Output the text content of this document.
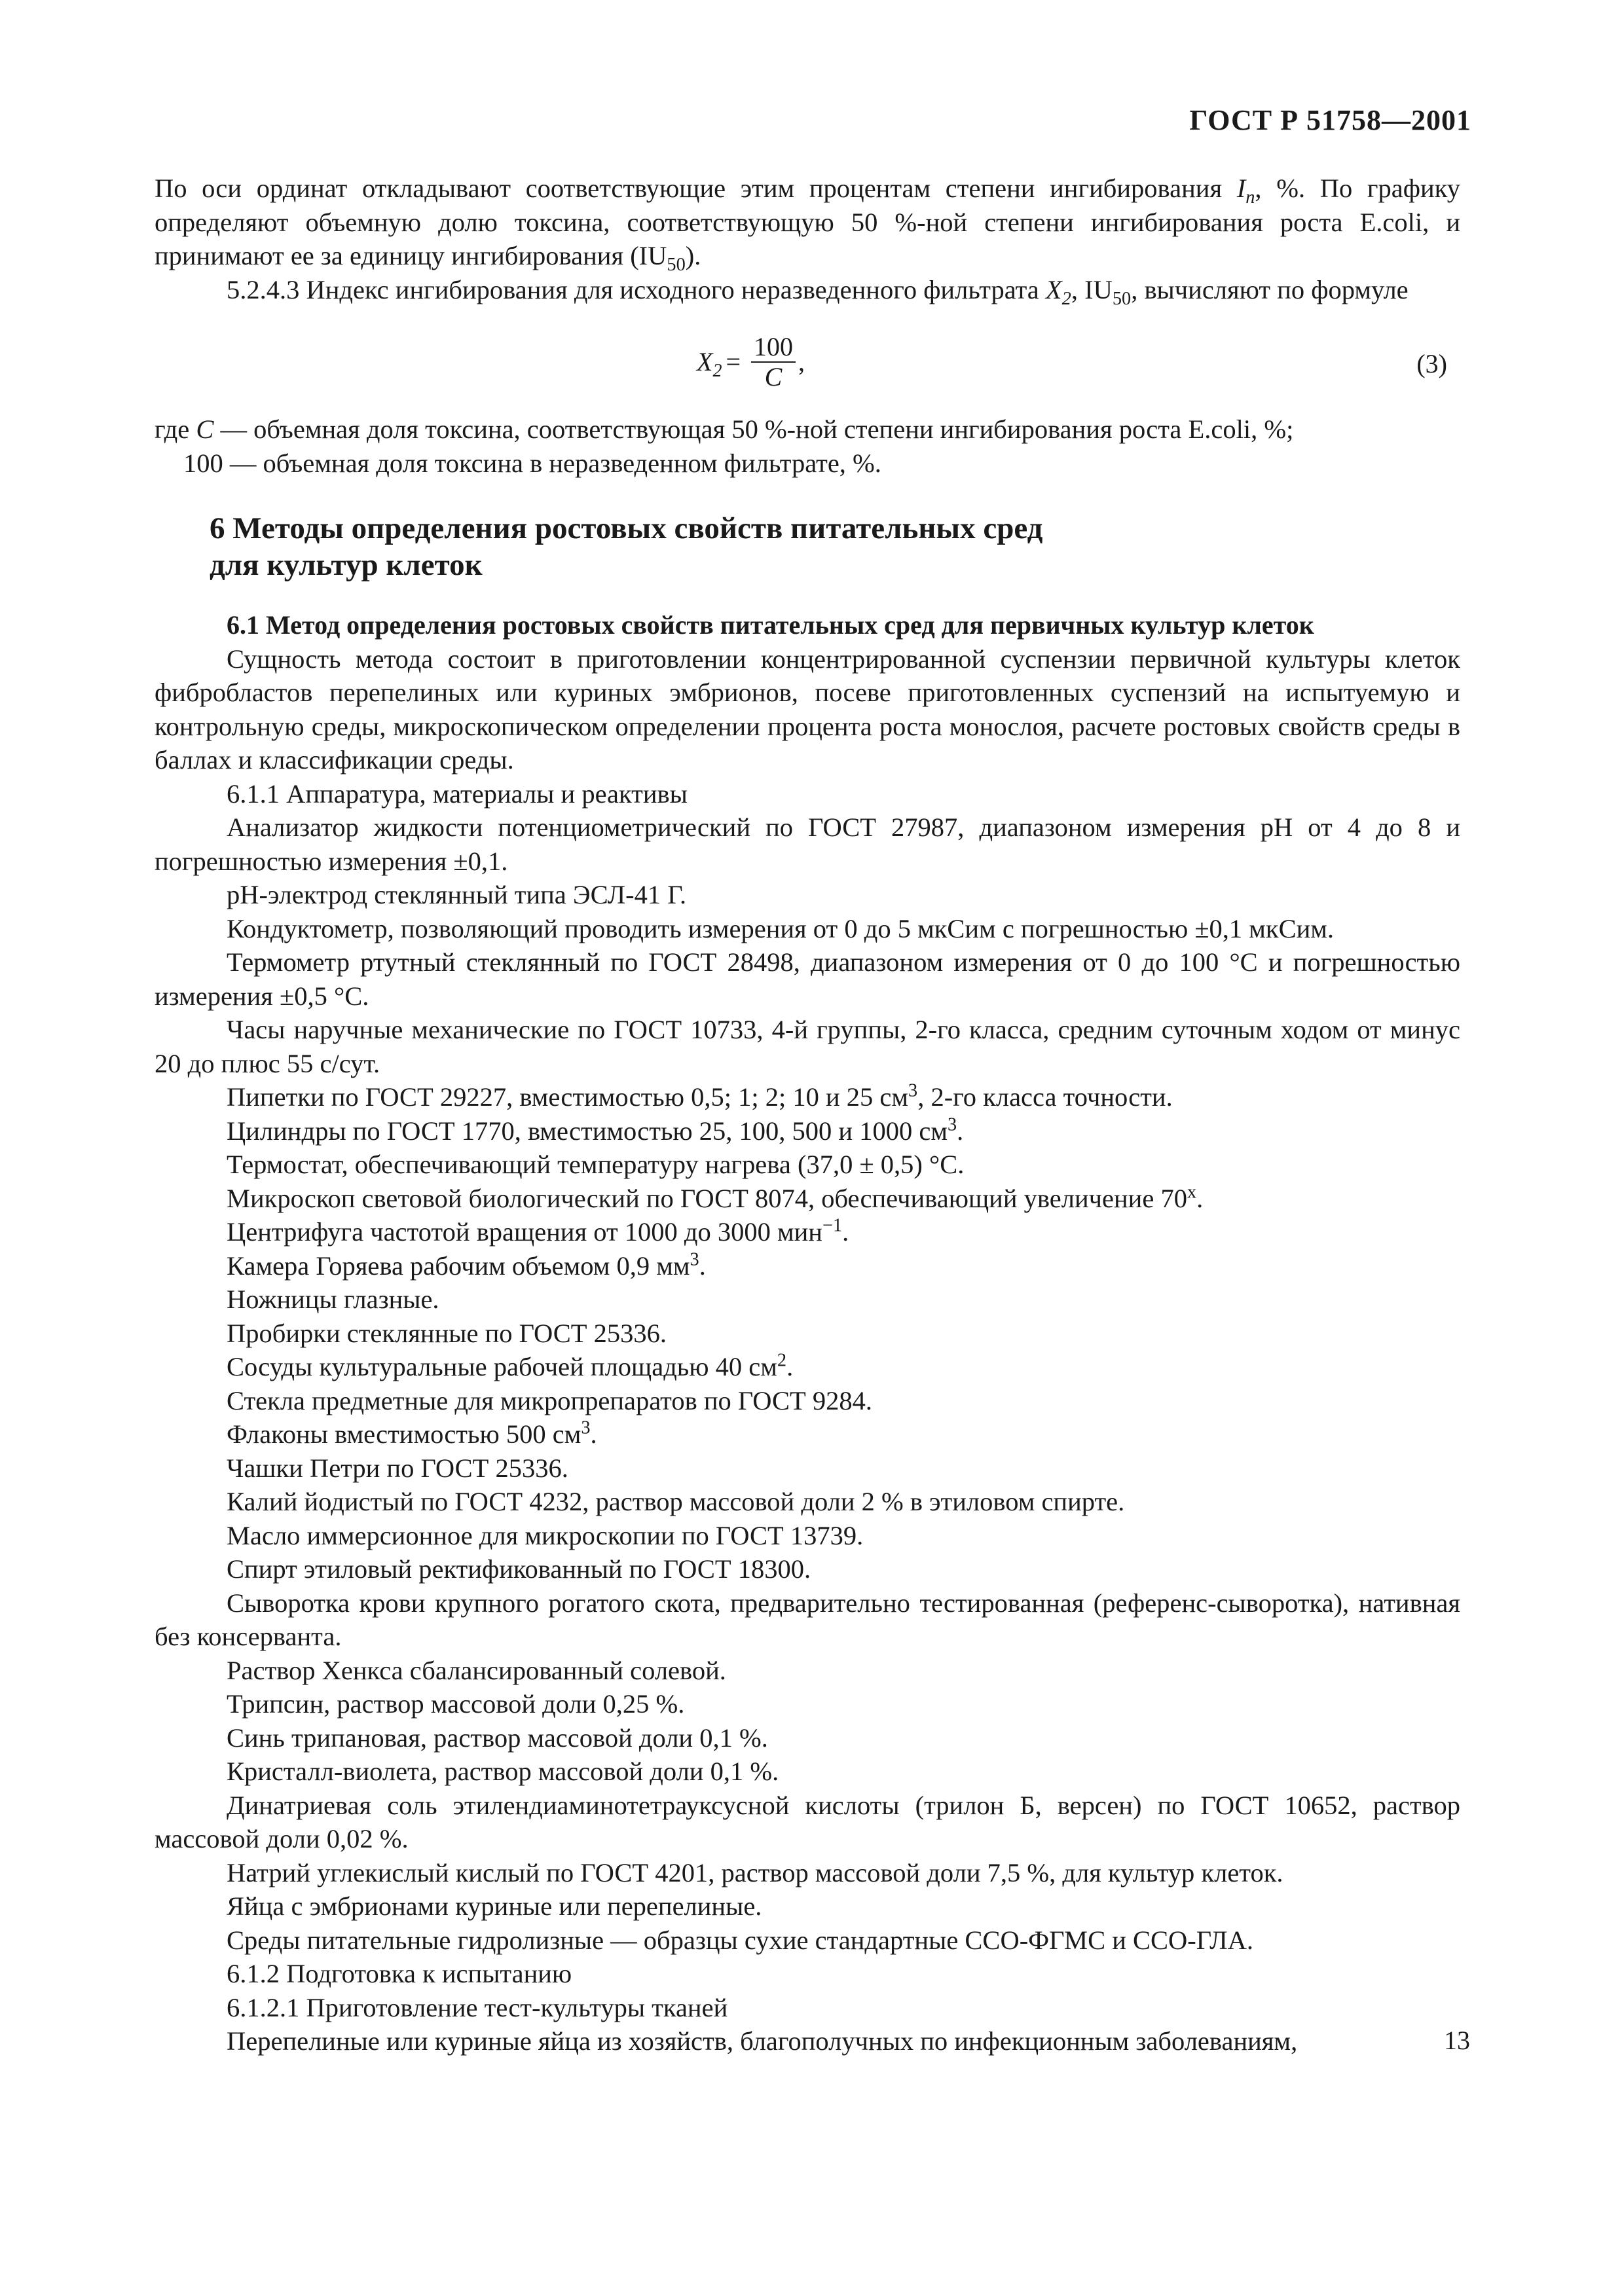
ГОСТ Р 51758—2001

По оси ординат откладывают соответствующие этим процентам степени ингибирования $I_n$, %. По графику определяют объемную долю токсина, соответствующую 50 %-ной степени ингибирования роста E.coli, и принимают ее за единицу ингибирования $(IU_{50})$.

5.2.4.3 Индекс ингибирования для исходного неразведенного фильтрата $X_2$, $IU_{50}$, вычисляют по формуле

$X_2 = \frac{100}{C}$ ,	(3)

где C — объемная доля токсина, соответствующая 50 %-ной степени ингибирования роста E.coli, %;

100 — объемная доля токсина в неразведенном фильтрате, %.

6 Методы определения ростовых свойств питательных сред
для культур клеток

6.1 Метод определения ростовых свойств питательных сред для первичных культур клеток

Сущность метода состоит в приготовлении концентрированной суспензии первичной культуры клеток фибробластов перепелиных или куриных эмбрионов, посеве приготовленных суспензий на испытуемую и контрольную среды, микроскопическом определении процента роста монослоя, расчете ростовых свойств среды в баллах и классификации среды.

6.1.1 Аппаратура, материалы и реактивы

Анализатор жидкости потенциометрический по ГОСТ 27987, диапазоном измерения рН от 4 до 8 и погрешностью измерения ±0,1.

рН-электрод стеклянный типа ЭСЛ-41 Г.

Кондуктометр, позволяющий проводить измерения от 0 до 5 мкСим с погрешностью ±0,1 мкСим.

Термометр ртутный стеклянный по ГОСТ 28498, диапазоном измерения от 0 до 100 °С и погрешностью измерения ±0,5 °С.

Часы наручные механические по ГОСТ 10733, 4-й группы, 2-го класса, средним суточным ходом от минус 20 до плюс 55 с/сут.

Пипетки по ГОСТ 29227, вместимостью 0,5; 1; 2; 10 и 25 $см^3$, 2-го класса точности.

Цилиндры по ГОСТ 1770, вместимостью 25, 100, 500 и 1000 $см^3$.

Термостат, обеспечивающий температуру нагрева (37,0 ± 0,5) °С.

Микроскоп световой биологический по ГОСТ 8074, обеспечивающий увеличение $70^х$.

Центрифуга частотой вращения от 1000 до 3000 мин$^{-1}$.

Камера Горяева рабочим объемом 0,9 $мм^3$.

Ножницы глазные.

Пробирки стеклянные по ГОСТ 25336.

Сосуды культуральные рабочей площадью 40 $см^2$.

Стекла предметные для микропрепаратов по ГОСТ 9284.

Флаконы вместимостью 500 $см^3$.

Чашки Петри по ГОСТ 25336.

Калий йодистый по ГОСТ 4232, раствор массовой доли 2 % в этиловом спирте.

Масло иммерсионное для микроскопии по ГОСТ 13739.

Спирт этиловый ректификованный по ГОСТ 18300.

Сыворотка крови крупного рогатого скота, предварительно тестированная (референс-сыворотка), нативная без консерванта.

Раствор Хенкса сбалансированный солевой.

Трипсин, раствор массовой доли 0,25 %.

Синь трипановая, раствор массовой доли 0,1 %.

Кристалл-виолета, раствор массовой доли 0,1 %.

Динатриевая соль этилендиаминотетрауксусной кислоты (трилон Б, версен) по ГОСТ 10652, раствор массовой доли 0,02 %.

Натрий углекислый кислый по ГОСТ 4201, раствор массовой доли 7,5 %, для культур клеток.

Яйца с эмбрионами куриные или перепелиные.

Среды питательные гидролизные — образцы сухие стандартные ССО-ФГМС и ССО-ГЛА.

6.1.2 Подготовка к испытанию

6.1.2.1 Приготовление тест-культуры тканей

Перепелиные или куриные яйца из хозяйств, благополучных по инфекционным заболеваниям,	13
